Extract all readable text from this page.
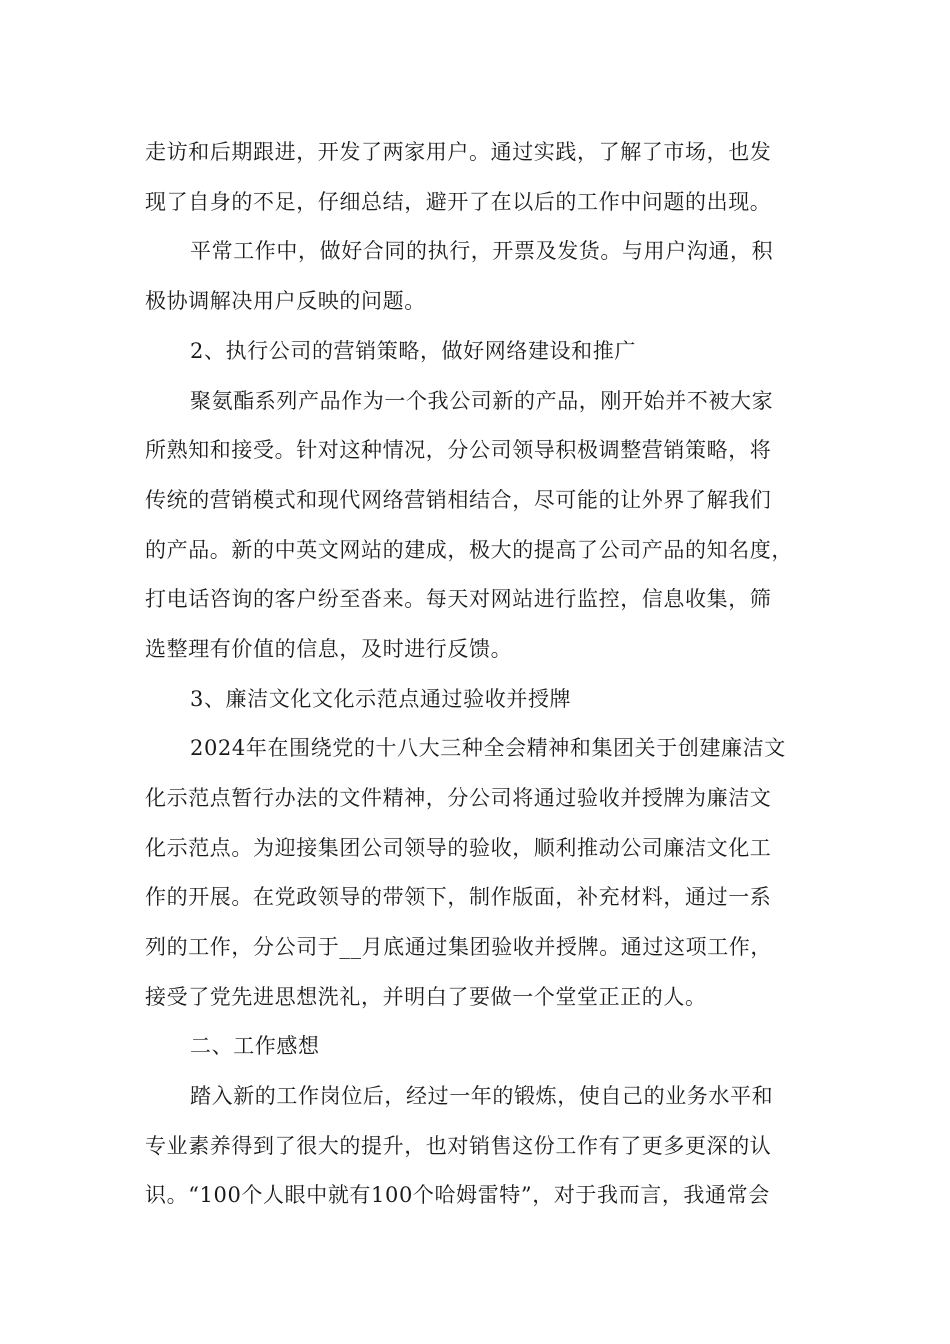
走访和后期跟进，开发了两家用户。通过实践，了解了市场，也发
现了自身的不足，仔细总结，避开了在以后的工作中问题的出现。
平常工作中，做好合同的执行，开票及发货。与用户沟通，积
极协调解决用户反映的问题。
2、执行公司的营销策略，做好网络建设和推广
聚氨酯系列产品作为一个我公司新的产品，刚开始并不被大家
所熟知和接受。针对这种情况，分公司领导积极调整营销策略，将
传统的营销模式和现代网络营销相结合，尽可能的让外界了解我们
的产品。新的中英文网站的建成，极大的提高了公司产品的知名度，
打电话咨询的客户纷至沓来。每天对网站进行监控，信息收集，筛
选整理有价值的信息，及时进行反馈。
3、廉洁文化文化示范点通过验收并授牌
2024年在围绕党的十八大三种全会精神和集团关于创建廉洁文
化示范点暂行办法的文件精神，分公司将通过验收并授牌为廉洁文
化示范点。为迎接集团公司领导的验收，顺利推动公司廉洁文化工
作的开展。在党政领导的带领下，制作版面，补充材料，通过一系
列的工作，分公司于__月底通过集团验收并授牌。通过这项工作，
接受了党先进思想洗礼，并明白了要做一个堂堂正正的人。
二、工作感想
踏入新的工作岗位后，经过一年的锻炼，使自己的业务水平和
专业素养得到了很大的提升，也对销售这份工作有了更多更深的认
识。“100个人眼中就有100个哈姆雷特”，对于我而言，我通常会
